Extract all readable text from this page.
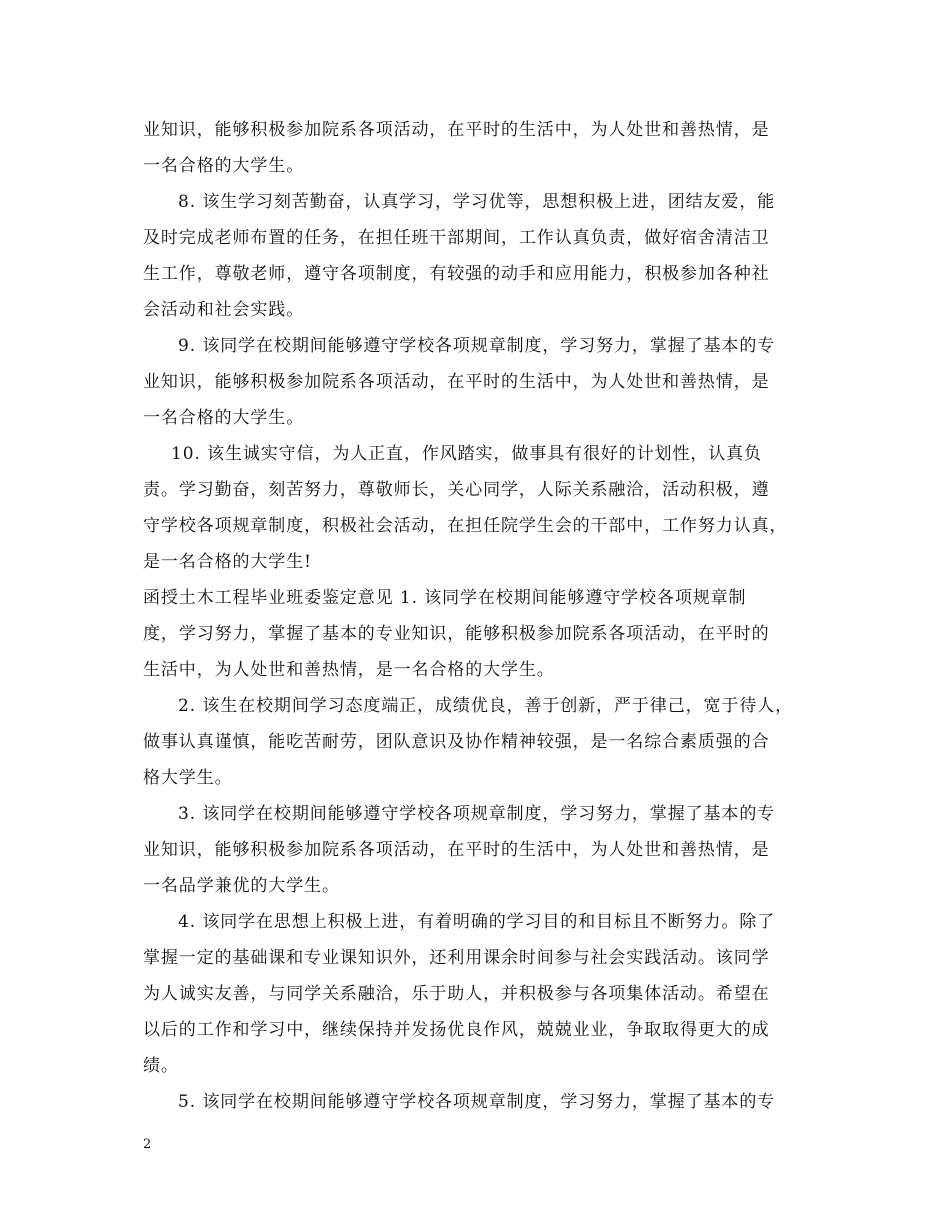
业知识，能够积极参加院系各项活动，在平时的生活中，为人处世和善热情，是
一名合格的大学生。
8. 该生学习刻苦勤奋，认真学习，学习优等，思想积极上进，团结友爱，能
及时完成老师布置的任务，在担任班干部期间，工作认真负责，做好宿舍清洁卫
生工作，尊敬老师，遵守各项制度，有较强的动手和应用能力，积极参加各种社
会活动和社会实践。
9. 该同学在校期间能够遵守学校各项规章制度，学习努力，掌握了基本的专
业知识，能够积极参加院系各项活动，在平时的生活中，为人处世和善热情，是
一名合格的大学生。
10. 该生诚实守信，为人正直，作风踏实，做事具有很好的计划性，认真负
责。学习勤奋，刻苦努力，尊敬师长，关心同学，人际关系融洽，活动积极，遵
守学校各项规章制度，积极社会活动，在担任院学生会的干部中，工作努力认真，
是一名合格的大学生!
函授土木工程毕业班委鉴定意见 1. 该同学在校期间能够遵守学校各项规章制
度，学习努力，掌握了基本的专业知识，能够积极参加院系各项活动，在平时的
生活中，为人处世和善热情，是一名合格的大学生。
2. 该生在校期间学习态度端正，成绩优良，善于创新，严于律己，宽于待人，
做事认真谨慎，能吃苦耐劳，团队意识及协作精神较强，是一名综合素质强的合
格大学生。
3. 该同学在校期间能够遵守学校各项规章制度，学习努力，掌握了基本的专
业知识，能够积极参加院系各项活动，在平时的生活中，为人处世和善热情，是
一名品学兼优的大学生。
4. 该同学在思想上积极上进，有着明确的学习目的和目标且不断努力。除了
掌握一定的基础课和专业课知识外，还利用课余时间参与社会实践活动。该同学
为人诚实友善，与同学关系融洽，乐于助人，并积极参与各项集体活动。希望在
以后的工作和学习中，继续保持并发扬优良作风，兢兢业业，争取取得更大的成
绩。
5. 该同学在校期间能够遵守学校各项规章制度，学习努力，掌握了基本的专
2
